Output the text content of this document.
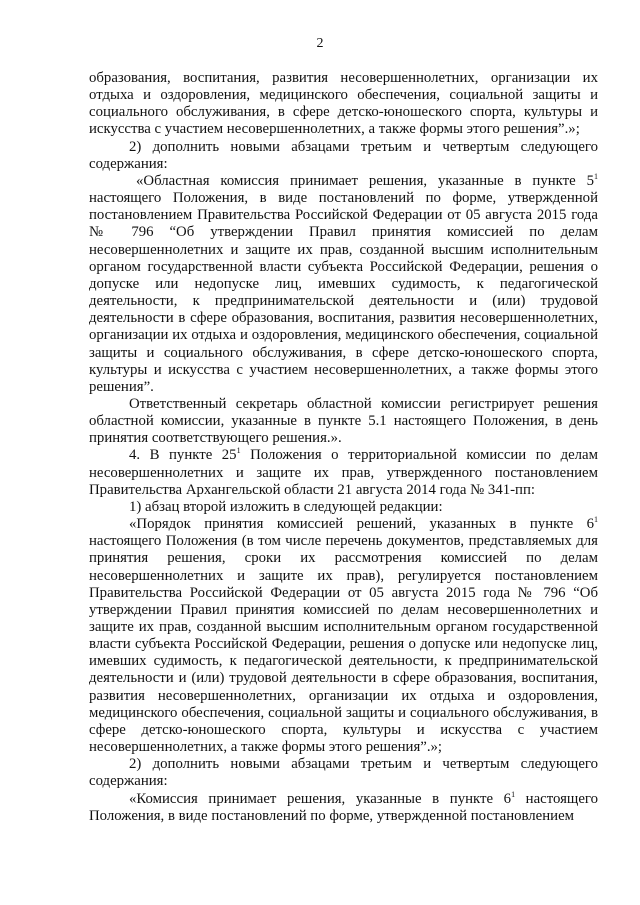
2

образования, воспитания, развития несовершеннолетних, организации их отдыха и оздоровления, медицинского обеспечения, социальной защиты и социального обслуживания, в сфере детско-юношеского спорта, культуры и искусства с участием несовершеннолетних, а также формы этого решения”.»;

2) дополнить новыми абзацами третьим и четвертым следующего содержания:

«Областная комиссия принимает решения, указанные в пункте $5^1$ настоящего Положения, в виде постановлений по форме, утвержденной постановлением Правительства Российской Федерации от 05 августа 2015 года № 796 “Об утверждении Правил принятия комиссией по делам несовершеннолетних и защите их прав, созданной высшим исполнительным органом государственной власти субъекта Российской Федерации, решения о допуске или недопуске лиц, имевших судимость, к педагогической деятельности, к предпринимательской деятельности и (или) трудовой деятельности в сфере образования, воспитания, развития несовершеннолетних, организации их отдыха и оздоровления, медицинского обеспечения, социальной защиты и социального обслуживания, в сфере детско-юношеского спорта, культуры и искусства с участием несовершеннолетних, а также формы этого решения”.

Ответственный секретарь областной комиссии регистрирует решения областной комиссии, указанные в пункте 5.1 настоящего Положения, в день принятия соответствующего решения.».

4. В пункте $25^1$ Положения о территориальной комиссии по делам несовершеннолетних и защите их прав, утвержденного постановлением Правительства Архангельской области 21 августа 2014 года № 341-пп:

1) абзац второй изложить в следующей редакции:

«Порядок принятия комиссией решений, указанных в пункте $6^1$ настоящего Положения (в том числе перечень документов, представляемых для принятия решения, сроки их рассмотрения комиссией по делам несовершеннолетних и защите их прав), регулируется постановлением Правительства Российской Федерации от 05 августа 2015 года № 796 “Об утверждении Правил принятия комиссией по делам несовершеннолетних и защите их прав, созданной высшим исполнительным органом государственной власти субъекта Российской Федерации, решения о допуске или недопуске лиц, имевших судимость, к педагогической деятельности, к предпринимательской деятельности и (или) трудовой деятельности в сфере образования, воспитания, развития несовершеннолетних, организации их отдыха и оздоровления, медицинского обеспечения, социальной защиты и социального обслуживания, в сфере детско-юношеского спорта, культуры и искусства с участием несовершеннолетних, а также формы этого решения”.»;

2) дополнить новыми абзацами третьим и четвертым следующего содержания:

«Комиссия принимает решения, указанные в пункте $6^1$ настоящего Положения, в виде постановлений по форме, утвержденной постановлением
